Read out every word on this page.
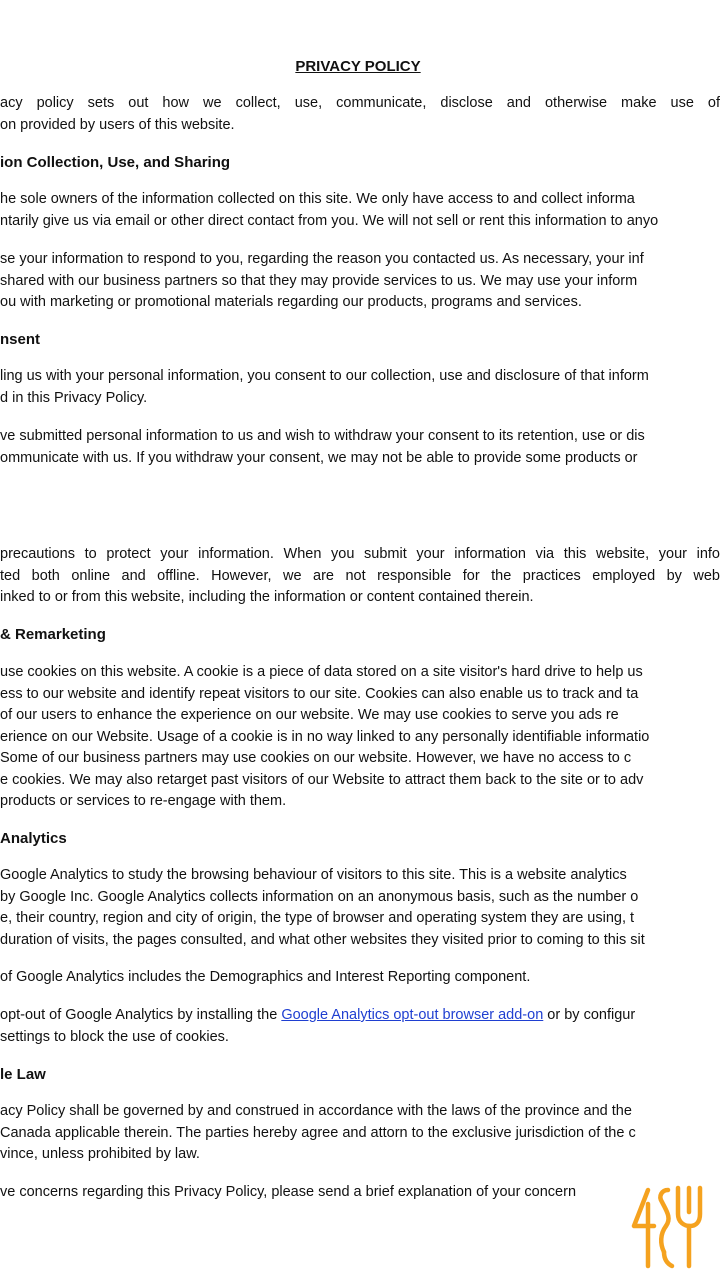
PRIVACY POLICY
acy policy sets out how we collect, use, communicate, disclose and otherwise make use of
on provided by users of this website.
ion Collection, Use, and Sharing
he sole owners of the information collected on this site. We only have access to and collect informa
ntarily give us via email or other direct contact from you. We will not sell or rent this information to anyo
se your information to respond to you, regarding the reason you contacted us. As necessary, your inf
shared with our business partners so that they may provide services to us. We may use your inform
ou with marketing or promotional materials regarding our products, programs and services.
nsent
ling us with your personal information, you consent to our collection, use and disclosure of that inform
d in this Privacy Policy.
ve submitted personal information to us and wish to withdraw your consent to its retention, use or dis
ommunicate with us. If you withdraw your consent, we may not be able to provide some products or
precautions to protect your information. When you submit your information via this website, your info
ted both online and offline. However, we are not responsible for the practices employed by web
inked to or from this website, including the information or content contained therein.
& Remarketing
use cookies on this website. A cookie is a piece of data stored on a site visitor's hard drive to help us
ess to our website and identify repeat visitors to our site. Cookies can also enable us to track and ta
of our users to enhance the experience on our website. We may use cookies to serve you ads re
erience on our Website. Usage of a cookie is in no way linked to any personally identifiable informatio
Some of our business partners may use cookies on our website. However, we have no access to c
e cookies. We may also retarget past visitors of our Website to attract them back to the site or to adv
products or services to re-engage with them.
Analytics
Google Analytics to study the browsing behaviour of visitors to this site. This is a website analytics
by Google Inc. Google Analytics collects information on an anonymous basis, such as the number o
e, their country, region and city of origin, the type of browser and operating system they are using, t
duration of visits, the pages consulted, and what other websites they visited prior to coming to this sit
of Google Analytics includes the Demographics and Interest Reporting component.
opt-out of Google Analytics by installing the Google Analytics opt-out browser add-on or by configur
settings to block the use of cookies.
le Law
acy Policy shall be governed by and construed in accordance with the laws of the province and the
Canada applicable therein. The parties hereby agree and attorn to the exclusive jurisdiction of the c
vince, unless prohibited by law.
ve concerns regarding this Privacy Policy, please send a brief explanation of your concern
